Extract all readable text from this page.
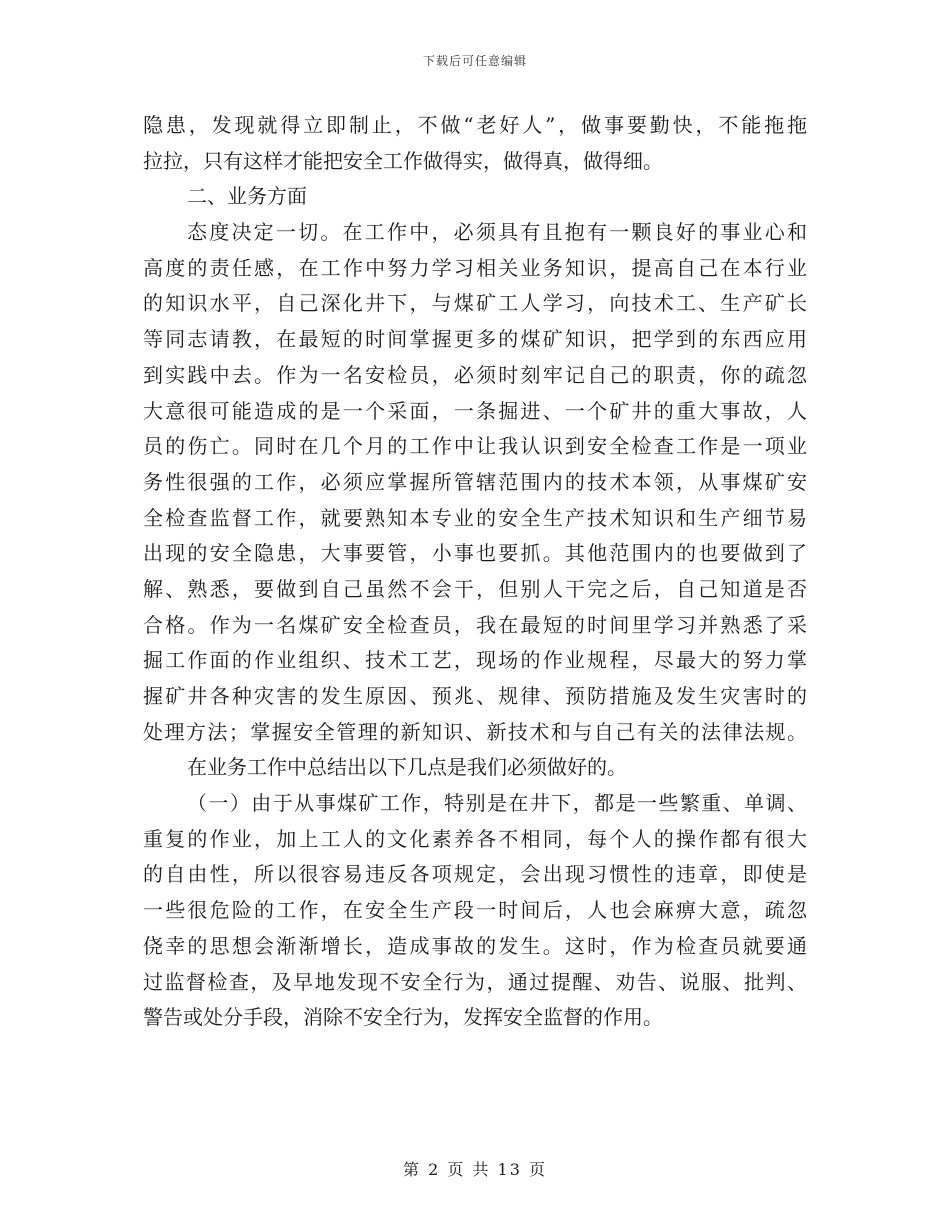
下载后可任意编辑
隐患，发现就得立即制止，不做“老好人”，做事要勤快，不能拖拖
拉拉，只有这样才能把安全工作做得实，做得真，做得细。
二、业务方面
态度决定一切。在工作中，必须具有且抱有一颗良好的事业心和
高度的责任感，在工作中努力学习相关业务知识，提高自己在本行业
的知识水平，自己深化井下，与煤矿工人学习，向技术工、生产矿长
等同志请教，在最短的时间掌握更多的煤矿知识，把学到的东西应用
到实践中去。作为一名安检员，必须时刻牢记自己的职责，你的疏忽
大意很可能造成的是一个采面，一条掘进、一个矿井的重大事故，人
员的伤亡。同时在几个月的工作中让我认识到安全检查工作是一项业
务性很强的工作，必须应掌握所管辖范围内的技术本领，从事煤矿安
全检查监督工作，就要熟知本专业的安全生产技术知识和生产细节易
出现的安全隐患，大事要管，小事也要抓。其他范围内的也要做到了
解、熟悉，要做到自己虽然不会干，但别人干完之后，自己知道是否
合格。作为一名煤矿安全检查员，我在最短的时间里学习并熟悉了采
掘工作面的作业组织、技术工艺，现场的作业规程，尽最大的努力掌
握矿井各种灾害的发生原因、预兆、规律、预防措施及发生灾害时的
处理方法；掌握安全管理的新知识、新技术和与自己有关的法律法规。
在业务工作中总结出以下几点是我们必须做好的。
（一）由于从事煤矿工作，特别是在井下，都是一些繁重、单调、
重复的作业，加上工人的文化素养各不相同，每个人的操作都有很大
的自由性，所以很容易违反各项规定，会出现习惯性的违章，即使是
一些很危险的工作，在安全生产段一时间后，人也会麻痹大意，疏忽
侥幸的思想会渐渐增长，造成事故的发生。这时，作为检查员就要通
过监督检查，及早地发现不安全行为，通过提醒、劝告、说服、批判、
警告或处分手段，消除不安全行为，发挥安全监督的作用。
第 2 页 共 13 页
